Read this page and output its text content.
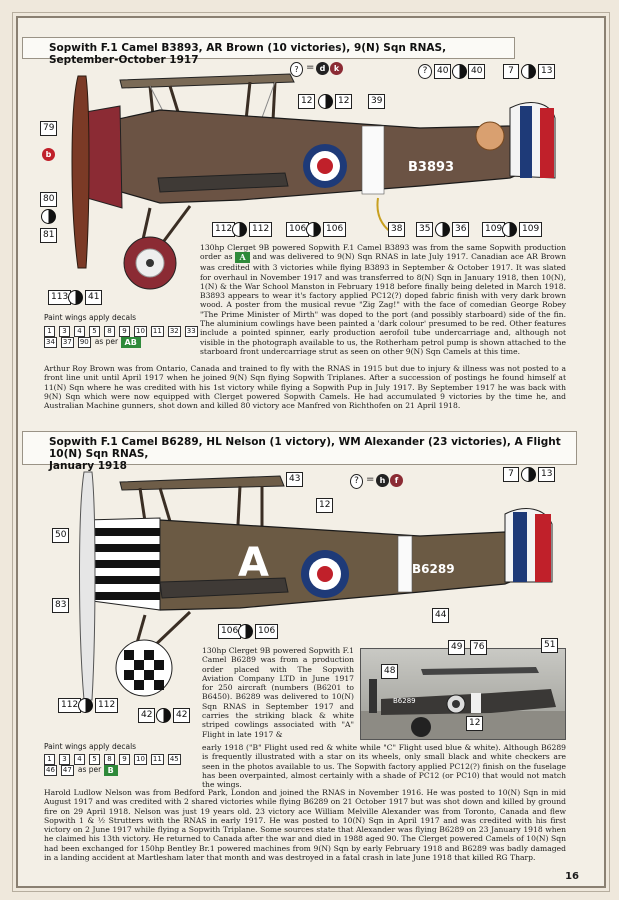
Sopwith F.1 Camel B3893, AR Brown (10 victories), 9(N) Sqn RNAS, September-October 1917
? = d	k	?	40	40	7	13
B3893
79
b
80
81
113	41
112	112	106	106	38	35	36	109	109
12	12	39
130hp Clerget 9B powered Sopwith F.1 Camel B3893 was from the same Sopwith production order as A and was delivered to 9(N) Sqn RNAS in late July 1917. Canadian ace AR Brown was credited with 3 victories while flying B3893 in September & October 1917. It was slated for overhaul in November 1917 and was transferred to 8(N) Sqn in January 1918, then 10(N), 1(N) & the War School Manston in February 1918 before finally being deleted in March 1918. B3893 appears to wear it's factory applied PC12(?) doped fabric finish with very dark brown wood. A poster from the musical revue "Zig Zag!" with the face of comedian George Robey "The Prime Minister of Mirth" was doped to the port (and possibly starboard) side of the fin. The aluminium cowlings have been painted a 'dark colour' presumed to be red. Other features include a pointed spinner, early production aerofoil tube undercarriage and, although not visible in the photograph available to us, the Rotherham petrol pump is shown attached to the starboard front undercarriage strut as seen on other 9(N) Sqn Camels at this time.
Paint wings apply decals
1 3 4 5 8 9 10 11 32 3334 37 90 as per AB
Arthur Roy Brown was from Ontario, Canada and trained to fly with the RNAS in 1915 but due to injury & illness was not posted to a front line unit until April 1917 when he joined 9(N) Sqn flying Sopwith Triplanes. After a succession of postings he found himself at 11(N) Sqn where he was credited with his 1st victory while flying a Sopwith Pup in July 1917. By September 1917 he was back with 9(N) Sqn which were now equipped with Clerget powered Sopwith Camels. He had accumulated 9 victories by the time he, and Australian Machine gunners, shot down and killed 80 victory ace Manfred von Richthofen on 21 April 1918.
Sopwith F.1 Camel B6289, HL Nelson (1 victory), WM Alexander (23 victories), A Flight 10(N) Sqn RNAS,
January 1918
? = h	f
7	13
A	B6289
43
12
50
83
44
106	106
112	112
42	42
B6289
48
49	76	51
12
130hp Clerget 9B powered Sopwith F.1 Camel B6289 was from a production order placed with The Sopwith Aviation Company LTD in June 1917 for 250 aircraft (numbers (B6201 to B6450). B6289 was delivered to 10(N) Sqn RNAS in September 1917 and carries the striking black & white striped cowlings associated with "A" Flight in late 1917 &
early 1918 ("B" Flight used red & white while "C" Flight used blue & white). Although B6289 is frequently illustrated with a star on its wheels, only small black and white checkers are seen in the photos available to us. The Sopwith factory applied PC12(?) finish on the fuselage has been overpainted, almost certainly with a shade of PC12 (or PC10) that would not match the wings.
Paint wings apply decals
1 3 4 5 8 9 10 11 4546 47 as per B
Harold Ludlow Nelson was from Bedford Park, London and joined the RNAS in November 1916. He was posted to 10(N) Sqn in mid August 1917 and was credited with 2 shared victories while flying B6289 on 21 October 1917 but was shot down and killed by ground fire on 29 April 1918. Nelson was just 19 years old. 23 victory ace William Melville Alexander was from Toronto, Canada and flew Sopwith 1 & ½ Strutters with the RNAS in early 1917. He was posted to 10(N) Sqn in April 1917 and was credited with his first victory on 2 June 1917 while flying a Sopwith Triplane. Some sources state that Alexander was flying B6289 on 23 January 1918 when he claimed his 13th victory. He returned to Canada after the war and died in 1988 aged 90. The Clerget powered Camels of 10(N) Sqn had been exchanged for 150hp Bentley Br.1 powered machines from 9(N) Sqn by early February 1918 and B6289 was badly damaged in a landing accident at Martlesham later that month and was destroyed in a fatal crash in late June 1918 that killed RG Tharp.
16
